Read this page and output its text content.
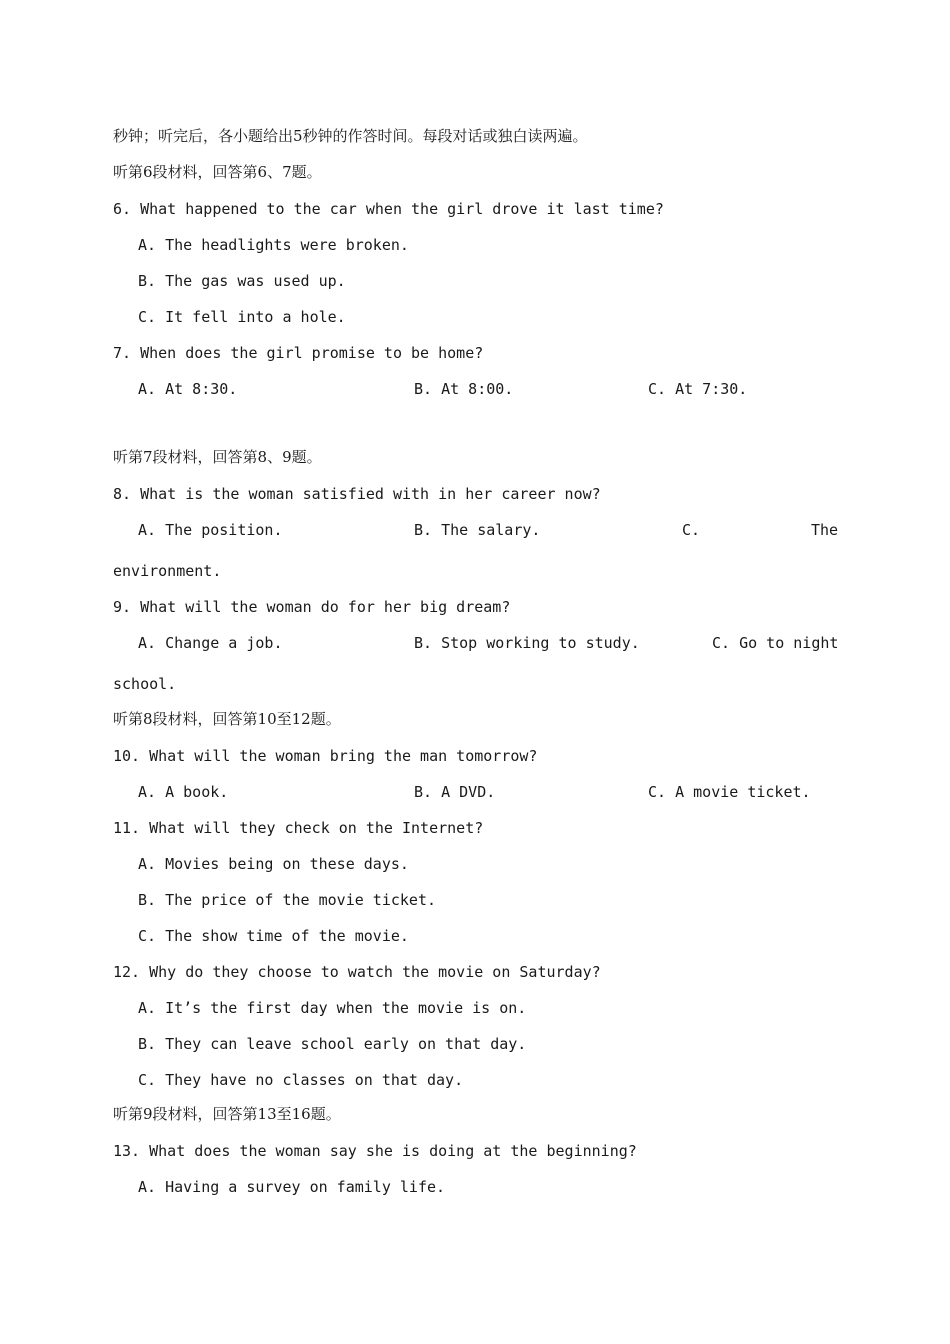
秒钟；听完后，各小题给出5秒钟的作答时间。每段对话或独白读两遍。
听第6段材料，回答第6、7题。
6. What happened to the car when the girl drove it last time?
A. The headlights were broken.
B. The gas was used up.
C. It fell into a hole.
7. When does the girl promise to be home?
A. At 8:30.	B. At 8:00.	C. At 7:30.
听第7段材料，回答第8、9题。
8. What is the woman satisfied with in her career now?
A. The position.	B. The salary.	C.	The
environment.
9. What will the woman do for her big dream?
A. Change a job.	B. Stop working to study.	C. Go to night
school.
听第8段材料，回答第10至12题。
10. What will the woman bring the man tomorrow?
A. A book.	B. A DVD.	C. A movie ticket.
11. What will they check on the Internet?
A. Movies being on these days.
B. The price of the movie ticket.
C. The show time of the movie.
12. Why do they choose to watch the movie on Saturday?
A. It’s the first day when the movie is on.
B. They can leave school early on that day.
C. They have no classes on that day.
听第9段材料，回答第13至16题。
13. What does the woman say she is doing at the beginning?
A. Having a survey on family life.
